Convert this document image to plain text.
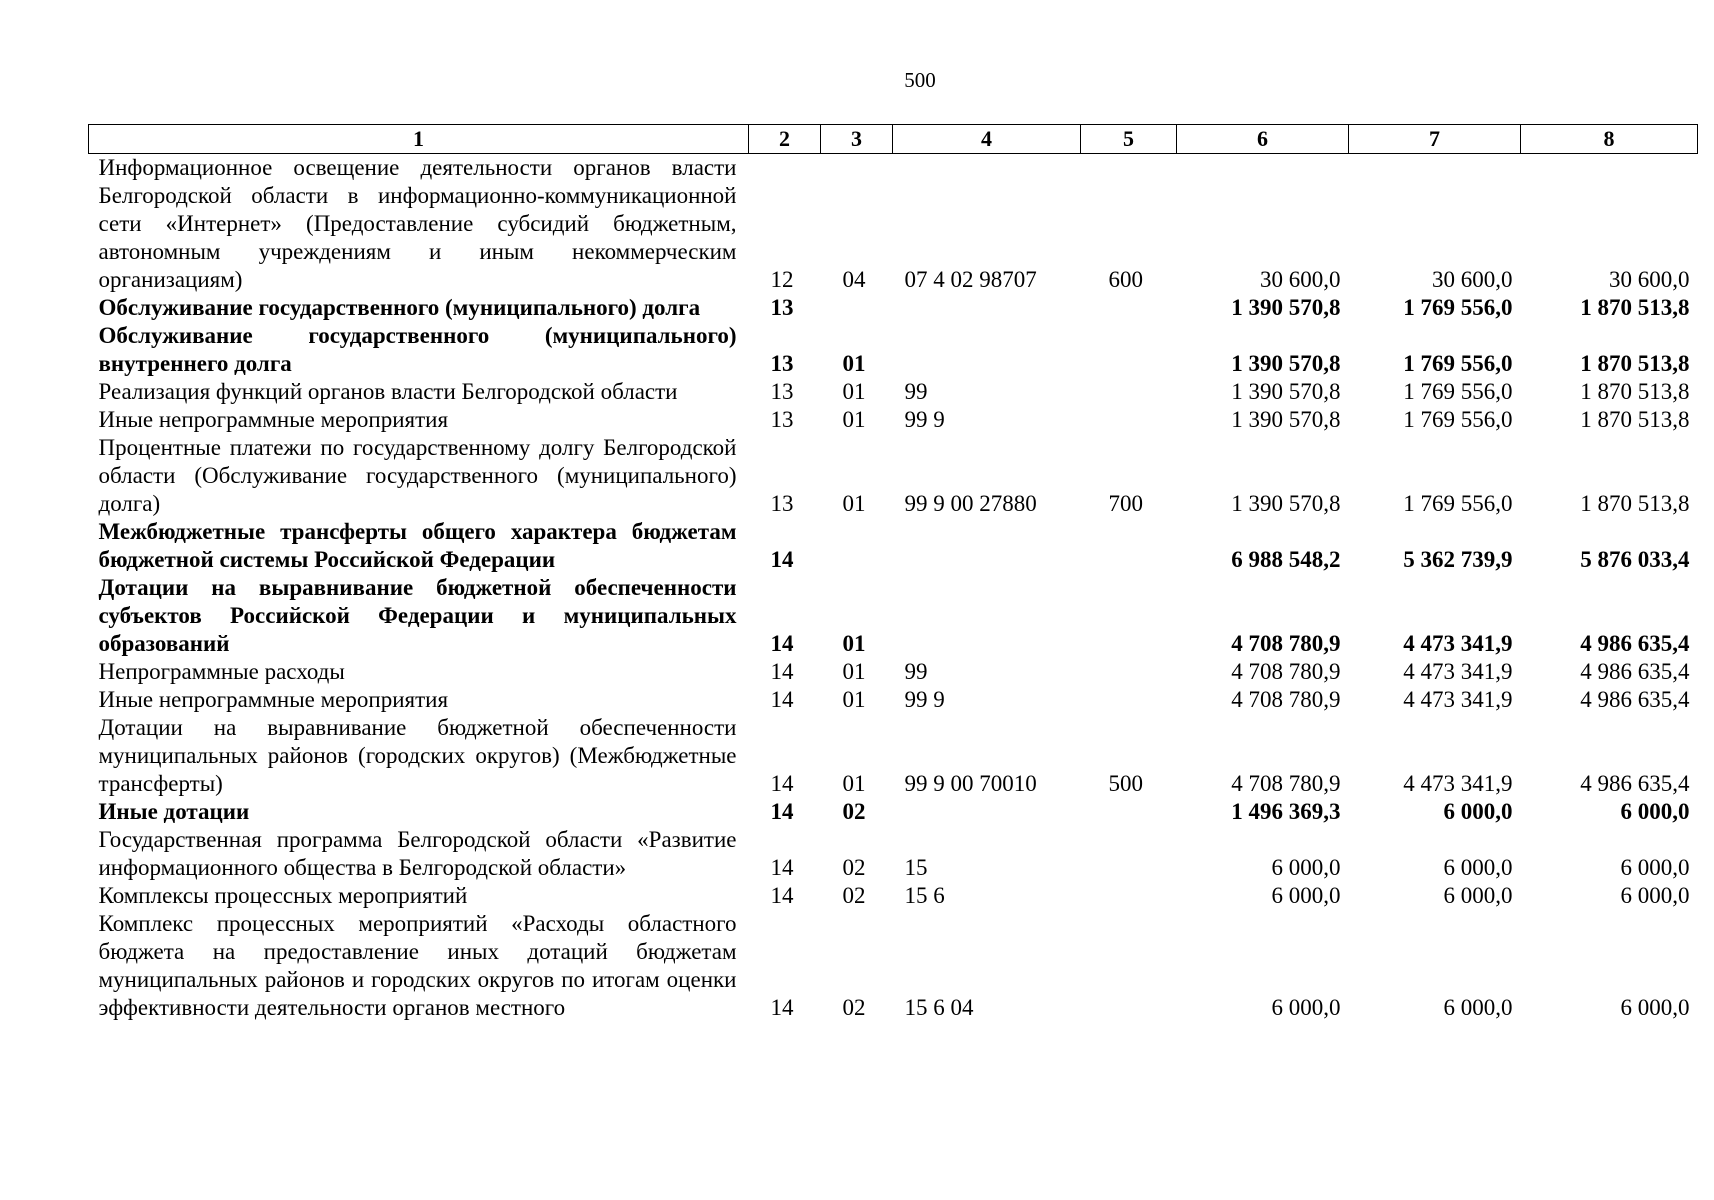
500
1	2	3	4	5	6	7	8
Информационное освещение деятельности органов власти Белгородской области в информационно-коммуникационной сети «Интернет» (Предоставление субсидий бюджетным, автономным учреждениям и иным некоммерческим организациям)	12	04	07 4 02 98707	600	30 600,0	30 600,0	30 600,0
Обслуживание государственного (муниципального) долга	13				1 390 570,8	1 769 556,0	1 870 513,8
Обслуживание государственного (муниципального) внутреннего долга	13	01			1 390 570,8	1 769 556,0	1 870 513,8
Реализация функций органов власти Белгородской области	13	01	99		1 390 570,8	1 769 556,0	1 870 513,8
Иные непрограммные мероприятия	13	01	99 9		1 390 570,8	1 769 556,0	1 870 513,8
Процентные платежи по государственному долгу Белгородской области (Обслуживание государственного (муниципального) долга)	13	01	99 9 00 27880	700	1 390 570,8	1 769 556,0	1 870 513,8
Межбюджетные трансферты общего характера бюджетам бюджетной системы Российской Федерации	14				6 988 548,2	5 362 739,9	5 876 033,4
Дотации на выравнивание бюджетной обеспеченности субъектов Российской Федерации и муниципальных образований	14	01			4 708 780,9	4 473 341,9	4 986 635,4
Непрограммные расходы	14	01	99		4 708 780,9	4 473 341,9	4 986 635,4
Иные непрограммные мероприятия	14	01	99 9		4 708 780,9	4 473 341,9	4 986 635,4
Дотации на выравнивание бюджетной обеспеченности муниципальных районов (городских округов) (Межбюджетные трансферты)	14	01	99 9 00 70010	500	4 708 780,9	4 473 341,9	4 986 635,4
Иные дотации	14	02			1 496 369,3	6 000,0	6 000,0
Государственная программа Белгородской области «Развитие информационного общества в Белгородской области»	14	02	15		6 000,0	6 000,0	6 000,0
Комплексы процессных мероприятий	14	02	15 6		6 000,0	6 000,0	6 000,0
Комплекс процессных мероприятий «Расходы областного бюджета на предоставление иных дотаций бюджетам муниципальных районов и городских округов по итогам оценки эффективности деятельности органов местного	14	02	15 6 04		6 000,0	6 000,0	6 000,0
